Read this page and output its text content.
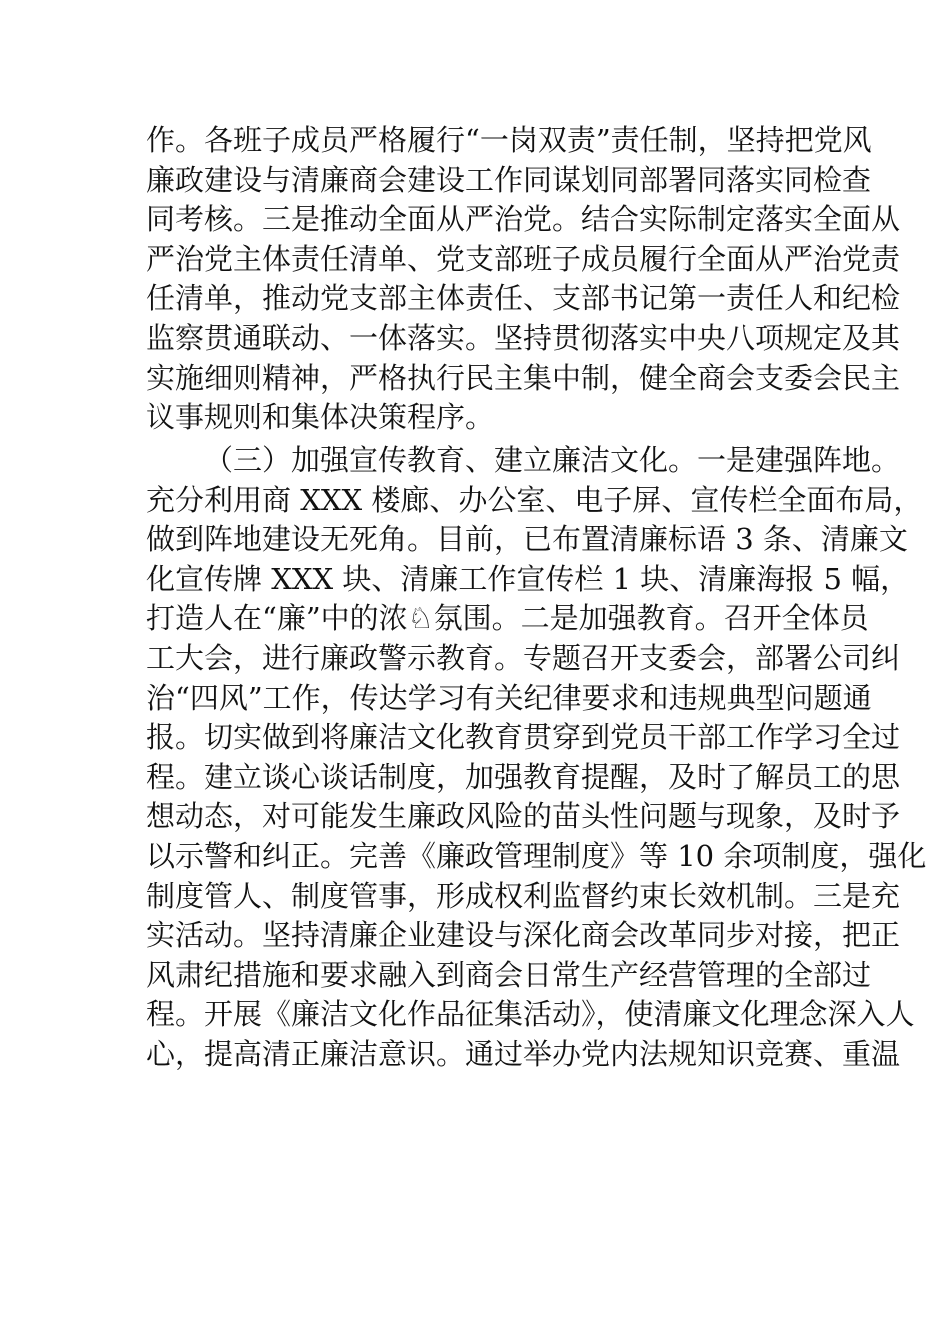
作。各班子成员严格履行“一岗双责”责任制，坚持把党风
廉政建设与清廉商会建设工作同谋划同部署同落实同检查
同考核。三是推动全面从严治党。结合实际制定落实全面从
严治党主体责任清单、党支部班子成员履行全面从严治党责
任清单，推动党支部主体责任、支部书记第一责任人和纪检
监察贯通联动、一体落实。坚持贯彻落实中央八项规定及其
实施细则精神，严格执行民主集中制，健全商会支委会民主
议事规则和集体决策程序。
（三）加强宣传教育、建立廉洁文化。一是建强阵地。
充分利用商 XXX 楼廊、办公室、电子屏、宣传栏全面布局，
做到阵地建设无死角。目前，已布置清廉标语 3 条、清廉文
化宣传牌 XXX 块、清廉工作宣传栏 1 块、清廉海报 5 幅，
打造人在“廉”中的浓♘氛围。二是加强教育。召开全体员
工大会，进行廉政警示教育。专题召开支委会，部署公司纠
治“四风”工作，传达学习有关纪律要求和违规典型问题通
报。切实做到将廉洁文化教育贯穿到党员干部工作学习全过
程。建立谈心谈话制度，加强教育提醒，及时了解员工的思
想动态，对可能发生廉政风险的苗头性问题与现象，及时予
以示警和纠正。完善《廉政管理制度》等 10 余项制度，强化
制度管人、制度管事，形成权利监督约束长效机制。三是充
实活动。坚持清廉企业建设与深化商会改革同步对接，把正
风肃纪措施和要求融入到商会日常生产经营管理的全部过
程。开展《廉洁文化作品征集活动》，使清廉文化理念深入人
心，提高清正廉洁意识。通过举办党内法规知识竞赛、重温
